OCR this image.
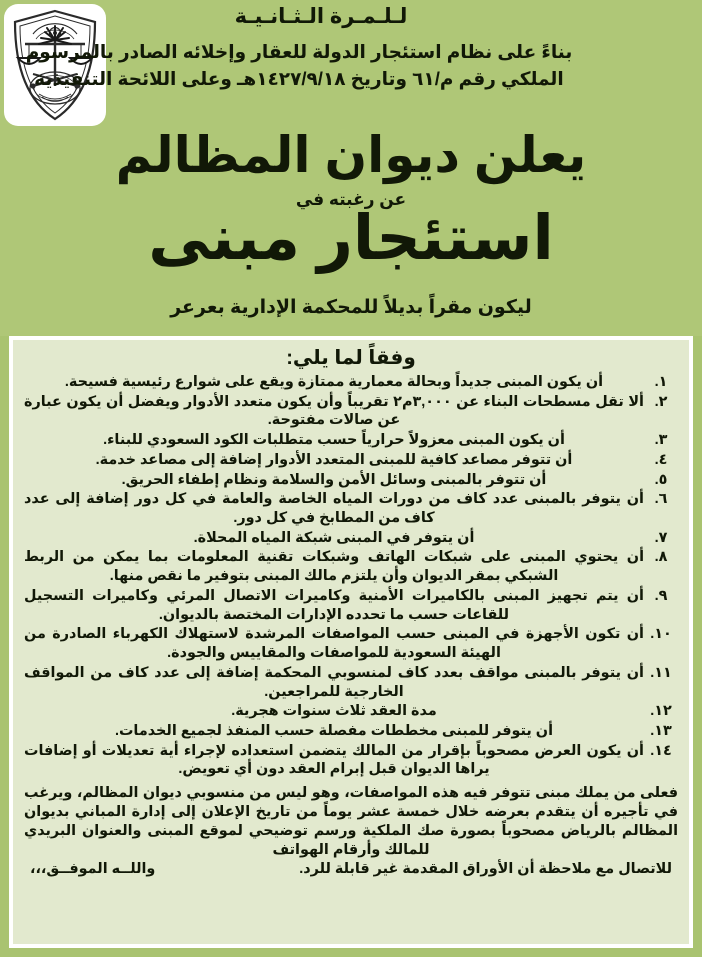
لـلـمـرة الـثـانـيـة
بناءً على نظام استئجار الدولة للعقار وإخلائه الصادر بالمرسوم الملكي رقم م/٦١ وتاريخ ١٤٢٧/٩/١٨هـ وعلى اللائحة التنفيذية
يعلن ديوان المظالم
عن رغبته في
استئجار مبنى
ليكون مقراً بديلاً للمحكمة الإدارية بعرعر
وفقاً لما يلي:
١.
أن يكون المبنى جديداً وبحالة معمارية ممتازة ويقع على شوارع رئيسية فسيحة.
٢.
ألا تقل مسطحات البناء عن ٣,٠٠٠م٢ تقريباً وأن يكون متعدد الأدوار ويفضل أن يكون عبارة عن صالات مفتوحة.
٣.
أن يكون المبنى معزولاً حرارياً حسب متطلبات الكود السعودي للبناء.
٤.
أن تتوفر مصاعد كافية للمبنى المتعدد الأدوار إضافة إلى مصاعد خدمة.
٥.
أن تتوفر بالمبنى وسائل الأمن والسلامة ونظام إطفاء الحريق.
٦.
أن يتوفر بالمبنى عدد كاف من دورات المياه الخاصة والعامة في كل دور إضافة إلى عدد كاف من المطابخ في كل دور.
٧.
أن يتوفر في المبنى شبكة المياه المحلاة.
٨.
أن يحتوي المبنى على شبكات الهاتف وشبكات تقنية المعلومات بما يمكن من الربط الشبكي بمقر الديوان وأن يلتزم مالك المبنى بتوفير ما نقص منها.
٩.
أن يتم تجهيز المبنى بالكاميرات الأمنية وكاميرات الاتصال المرئي وكاميرات التسجيل للقاعات حسب ما تحدده الإدارات المختصة بالديوان.
١٠.
أن تكون الأجهزة في المبنى حسب المواصفات المرشدة لاستهلاك الكهرباء الصادرة من الهيئة السعودية للمواصفات والمقاييس والجودة.
١١.
أن يتوفر بالمبنى مواقف بعدد كاف لمنسوبي المحكمة إضافة إلى عدد كاف من المواقف الخارجية للمراجعين.
١٢.
مدة العقد ثلاث سنوات هجرية.
١٣.
أن يتوفر للمبنى مخططات مفصلة حسب المنفذ لجميع الخدمات.
١٤.
أن يكون العرض مصحوباً بإقرار من المالك يتضمن استعداده لإجراء أية تعديلات أو إضافات يراها الديوان قبل إبرام العقد دون أي تعويض.
فعلى من يملك مبنى تتوفر فيه هذه المواصفات، وهو ليس من منسوبي ديوان المظالم، ويرغب في تأجيره أن يتقدم بعرضه خلال خمسة عشر يوماً من تاريخ الإعلان إلى إدارة المباني بديوان المظالم بالرياض مصحوباً بصورة صك الملكية ورسم توضيحي لموقع المبنى والعنوان البريدي للمالك وأرقام الهواتف
للاتصال مع ملاحظة أن الأوراق المقدمة غير قابلة للرد.
واللــه الموفــق،،،
